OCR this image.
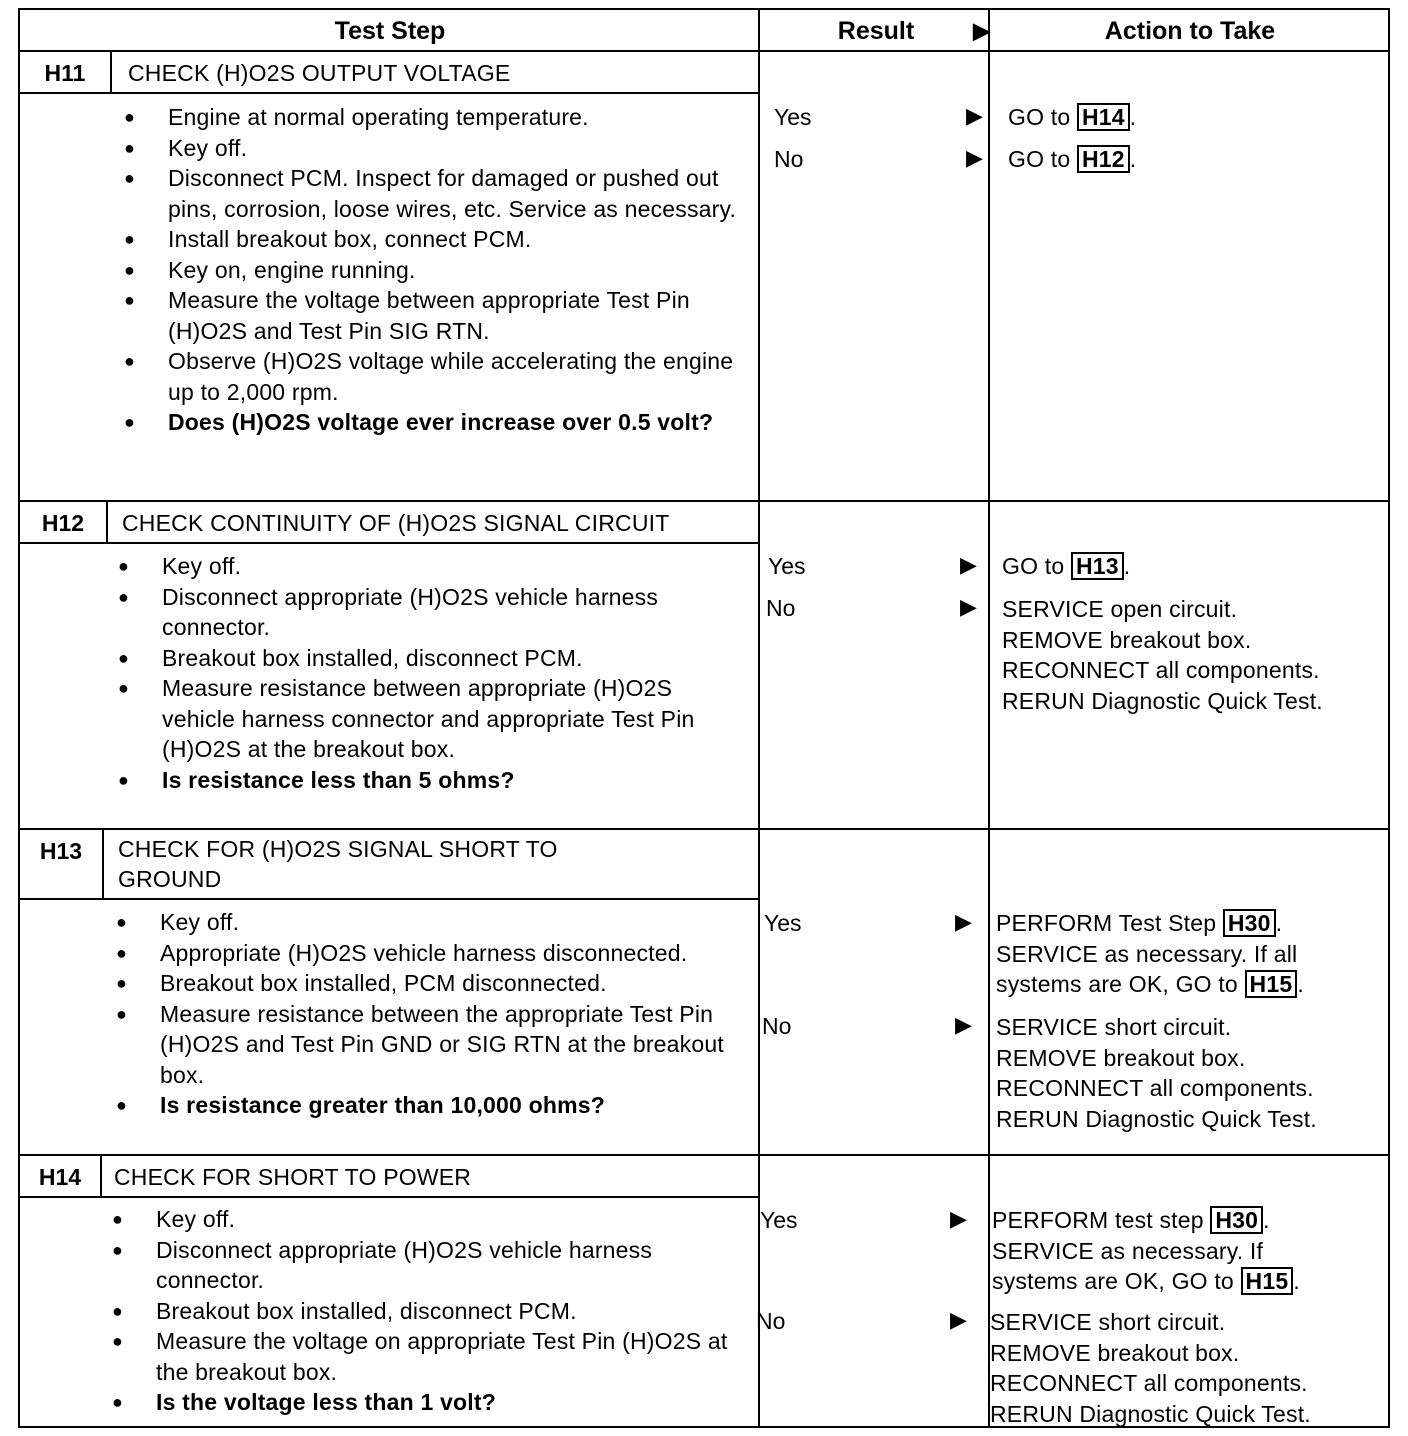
Test Step	Result	▶	Action to Take
H11	CHECK (H)O2S OUTPUT VOLTAGE
● Engine at normal operating temperature.
● Key off.
● Disconnect PCM. Inspect for damaged or pushed out pins, corrosion, loose wires, etc. Service as necessary.
● Install breakout box, connect PCM.
● Key on, engine running.
● Measure the voltage between appropriate Test Pin (H)O2S and Test Pin SIG RTN.
● Observe (H)O2S voltage while accelerating the engine up to 2,000 rpm.
● Does (H)O2S voltage ever increase over 0.5 volt?
Yes	▶ GO to H14 .
No	▶ GO to H12 .
H12	CHECK CONTINUITY OF (H)O2S SIGNAL CIRCUIT
● Key off.
● Disconnect appropriate (H)O2S vehicle harness connector.
● Breakout box installed, disconnect PCM.
● Measure resistance between appropriate (H)O2S vehicle harness connector and appropriate Test Pin (H)O2S at the breakout box.
● Is resistance less than 5 ohms?
Yes	▶ GO to H13 .
No	▶ SERVICE open circuit.
REMOVE breakout box.
RECONNECT all components.
RERUN Diagnostic Quick Test.
H13	CHECK FOR (H)O2S SIGNAL SHORT TO
GROUND
● Key off.
● Appropriate (H)O2S vehicle harness disconnected.
● Breakout box installed, PCM disconnected.
● Measure resistance between the appropriate Test Pin (H)O2S and Test Pin GND or SIG RTN at the breakout box.
● Is resistance greater than 10,000 ohms?
Yes	▶ PERFORM Test Step H30 .
SERVICE as necessary. If all
systems are OK, GO to H15 .
No	▶ SERVICE short circuit.
REMOVE breakout box.
RECONNECT all components.
RERUN Diagnostic Quick Test.
H14	CHECK FOR SHORT TO POWER
● Key off.
● Disconnect appropriate (H)O2S vehicle harness connector.
● Breakout box installed, disconnect PCM.
● Measure the voltage on appropriate Test Pin (H)O2S at the breakout box.
● Is the voltage less than 1 volt?
Yes	▶ PERFORM test step H30 .
SERVICE as necessary. If
systems are OK, GO to H15 .
No	▶ SERVICE short circuit.
REMOVE breakout box.
RECONNECT all components.
RERUN Diagnostic Quick Test.
